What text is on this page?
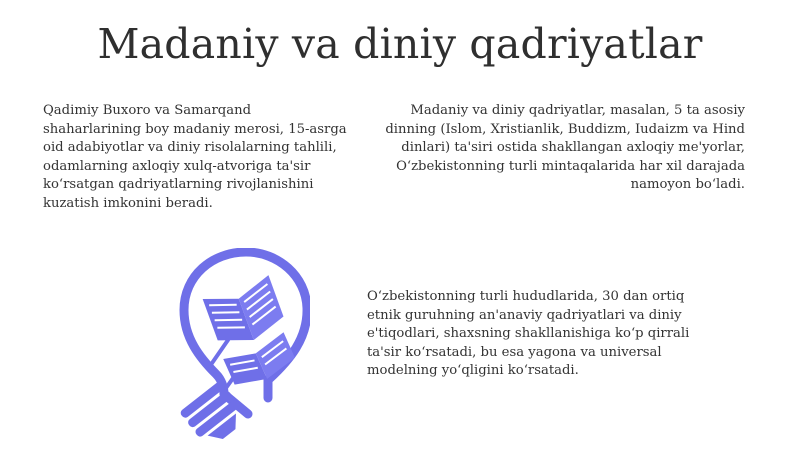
Madaniy va diniy qadriyatlar

Qadimiy Buxoro va Samarqand shaharlarining boy madaniy merosi, 15-asrga oid adabiyotlar va diniy risolalarning tahlili, odamlarning axloqiy xulq-atvoriga ta'sir ko‘rsatgan qadriyatlarning rivojlanishini kuzatish imkonini beradi.

Madaniy va diniy qadriyatlar, masalan, 5 ta asosiy dinning (Islom, Xristianlik, Buddizm, Iudaizm va Hind dinlari) ta'siri ostida shakllangan axloqiy me'yorlar, O‘zbekistonning turli mintaqalarida har xil darajada namoyon bo‘ladi.

O‘zbekistonning turli hududlarida, 30 dan ortiq etnik guruhning an'anaviy qadriyatlari va diniy e'tiqodlari, shaxsning shakllanishiga ko‘p qirrali ta'sir ko‘rsatadi, bu esa yagona va universal modelning yo‘qligini ko‘rsatadi.
